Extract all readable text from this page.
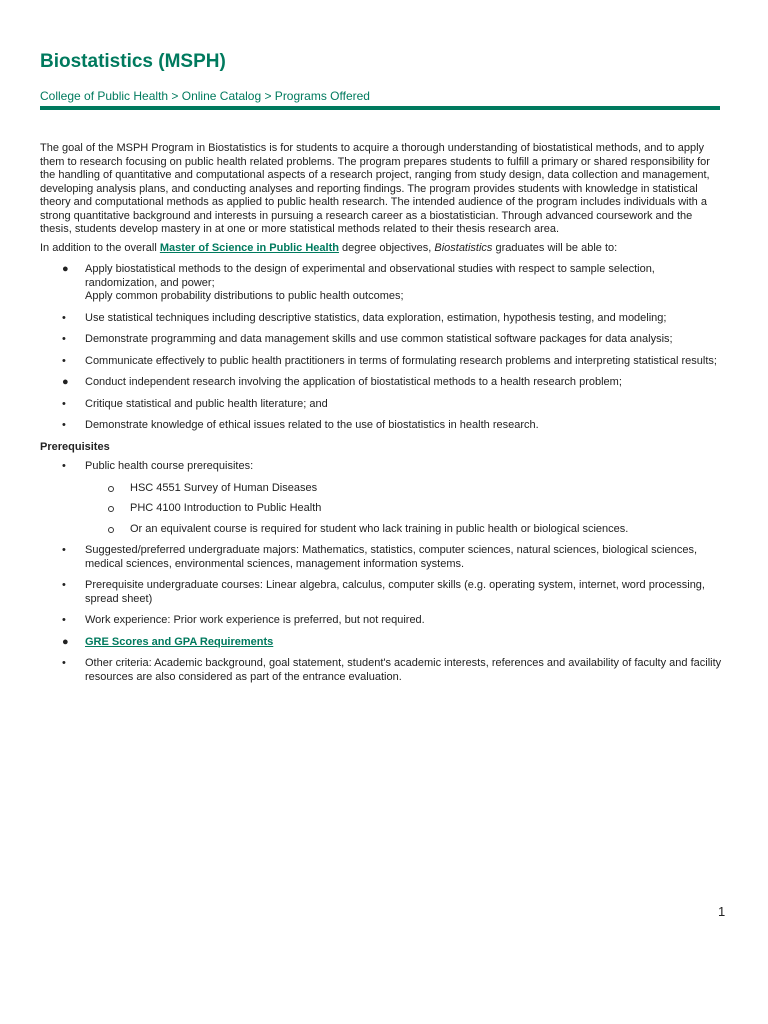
Biostatistics (MSPH)
College of Public Health > Online Catalog > Programs Offered

The goal of the MSPH Program in Biostatistics is for students to acquire a thorough understanding of biostatistical methods, and to apply them to research focusing on public health related problems. The program prepares students to fulfill a primary or shared responsibility for the handling of quantitative and computational aspects of a research project, ranging from study design, data collection and management, developing analysis plans, and conducting analyses and reporting findings. The program provides students with knowledge in statistical theory and computational methods as applied to public health research. The intended audience of the program includes individuals with a strong quantitative background and interests in pursuing a research career as a biostatistician. Through advanced coursework and the thesis, students develop mastery in at one or more statistical methods related to their thesis research area.

In addition to the overall Master of Science in Public Health degree objectives, Biostatistics graduates will be able to:

● Apply biostatistical methods to the design of experimental and observational studies with respect to sample selection, randomization, and power;
Apply common probability distributions to public health outcomes;
• Use statistical techniques including descriptive statistics, data exploration, estimation, hypothesis testing, and modeling;
• Demonstrate programming and data management skills and use common statistical software packages for data analysis;
• Communicate effectively to public health practitioners in terms of formulating research problems and interpreting statistical results;
● Conduct independent research involving the application of biostatistical methods to a health research problem;
• Critique statistical and public health literature; and
• Demonstrate knowledge of ethical issues related to the use of biostatistics in health research.

Prerequisites

• Public health course prerequisites:
HSC 4551 Survey of Human Diseases
PHC 4100 Introduction to Public Health
Or an equivalent course is required for student who lack training in public health or biological sciences.
• Suggested/preferred undergraduate majors: Mathematics, statistics, computer sciences, natural sciences, biological sciences, medical sciences, environmental sciences, management information systems.
• Prerequisite undergraduate courses: Linear algebra, calculus, computer skills (e.g. operating system, internet, word processing, spread sheet)
• Work experience: Prior work experience is preferred, but not required.
● GRE Scores and GPA Requirements
• Other criteria: Academic background, goal statement, student's academic interests, references and availability of faculty and facility resources are also considered as part of the entrance evaluation.
1
